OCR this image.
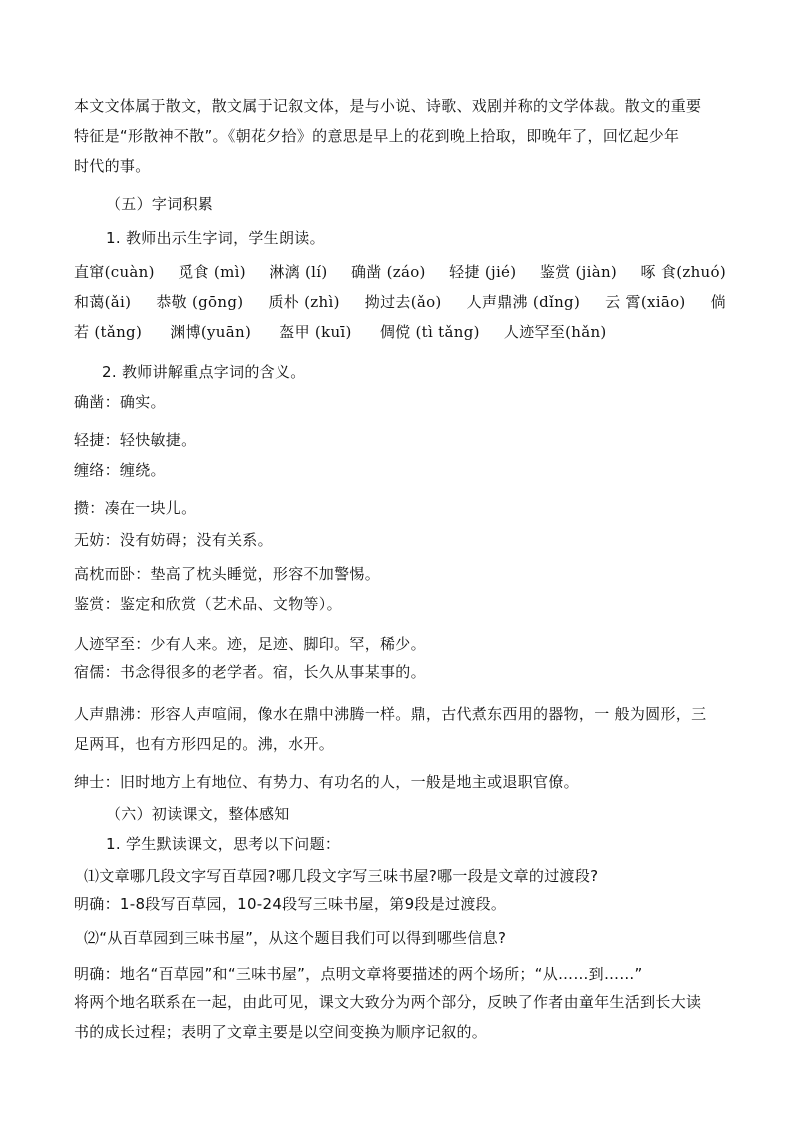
本文文体属于散文，散文属于记叙文体，是与小说、诗歌、戏剧并称的文学体裁。散文的重要
特征是“形散神不散”。《朝花夕拾》的意思是早上的花到晚上拾取，即晚年了，回忆起少年
时代的事。
（五）字词积累
1. 教师出示生字词，学生朗读。
直窜(cuàn) 觅食 (mì) 淋漓 (lí) 确凿 (záo) 轻捷 (jié) 鉴赏 (jiàn) 啄 食(zhuó)
和蔼(ǎi) 恭敬 (gōng) 质朴 (zhì) 拗过去(ǎo) 人声鼎沸 (dǐng) 云 霄(xiāo) 倘
若 (tǎng) 渊博(yuān) 盔甲 (kuī) 倜傥 (tì tǎng) 人迹罕至(hǎn)
2. 教师讲解重点字词的含义。
确凿：确实。
轻捷：轻快敏捷。
缠络：缠绕。
攒：凑在一块儿。
无妨：没有妨碍；没有关系。
高枕而卧：垫高了枕头睡觉，形容不加警惕。
鉴赏：鉴定和欣赏（艺术品、文物等）。
人迹罕至：少有人来。迹，足迹、脚印。罕，稀少。
宿儒：书念得很多的老学者。宿，长久从事某事的。
人声鼎沸：形容人声喧闹，像水在鼎中沸腾一样。鼎，古代煮东西用的器物，一 般为圆形，三
足两耳，也有方形四足的。沸，水开。
绅士：旧时地方上有地位、有势力、有功名的人，一般是地主或退职官僚。
（六）初读课文，整体感知
1. 学生默读课文，思考以下问题：
⑴文章哪几段文字写百草园?哪几段文字写三味书屋?哪一段是文章的过渡段?
明确：1-8段写百草园，10-24段写三味书屋，第9段是过渡段。
⑵“从百草园到三味书屋”，从这个题目我们可以得到哪些信息?
明确：地名“百草园”和“三味书屋”，点明文章将要描述的两个场所；“从……到……”
将两个地名联系在一起，由此可见，课文大致分为两个部分，反映了作者由童年生活到长大读
书的成长过程；表明了文章主要是以空间变换为顺序记叙的。
